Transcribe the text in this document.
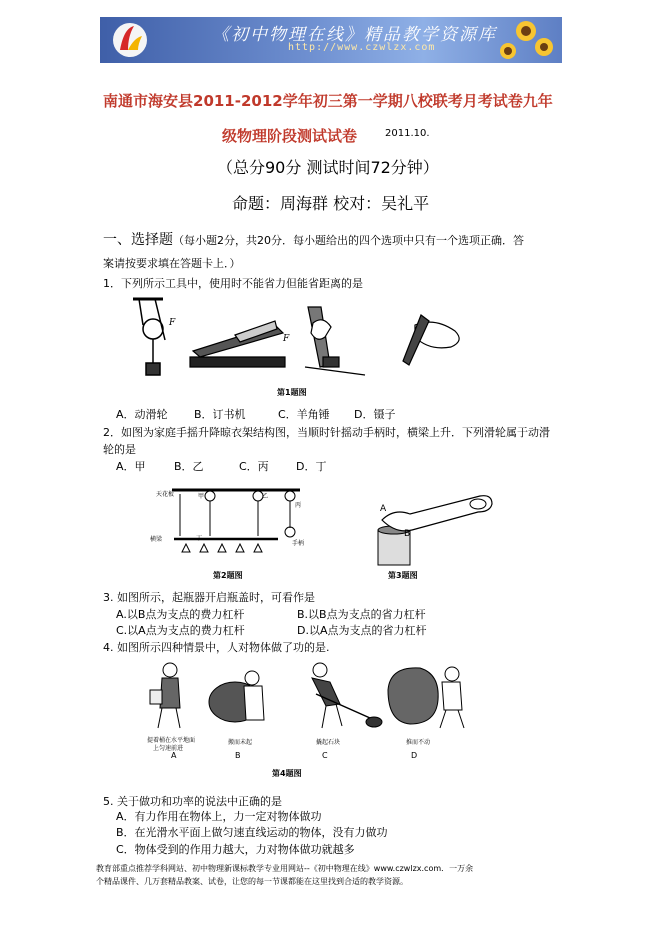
《初中物理在线》精品教学资源库
http://www.czwlzx.com
南通市海安县2011-2012学年初三第一学期八校联考月考试卷九年
级物理阶段测试试卷	2011.10.
（总分90分 测试时间72分钟）
命题：周海群 校对：吴礼平
一、选择题（每小题2分，共20分．每小题给出的四个选项中只有一个选项正确．答
案请按要求填在答题卡上．）
1．下列所示工具中，使用时不能省力但能省距离的是
F
F
第1题图
A．动滑轮 B．订书机	C．羊角锤 D．镊子
2．如图为家庭手摇升降晾衣架结构图，当顺时针摇动手柄时，横梁上升．下列滑轮属于动滑
轮的是
A．甲	B．乙	C．丙 D．丁
天花板
横梁
甲	乙
丙
丁
手柄
第2题图
A
B
第3题图
3. 如图所示，起瓶器开启瓶盖时，可看作是
A.以B点为支点的费力杠杆	B.以B点为支点的省力杠杆
C.以A点为支点的费力杠杆	D.以A点为支点的省力杠杆
4. 如图所示四种情景中，人对物体做了功的是.
提着桶在水平地面
上匀速前进
搬而未起	撬起石块	推而不动
A	B	C	D
第4题图
5. 关于做功和功率的说法中正确的是
A．有力作用在物体上，力一定对物体做功
B．在光滑水平面上做匀速直线运动的物体，没有力做功
C．物体受到的作用力越大，力对物体做功就越多
教育部重点推荐学科网站、初中物理新课标教学专业用网站--《初中物理在线》www.czwlzx.com．一万余
个精品课件、几万套精品教案、试卷，让您的每一节课都能在这里找到合适的教学资源。
